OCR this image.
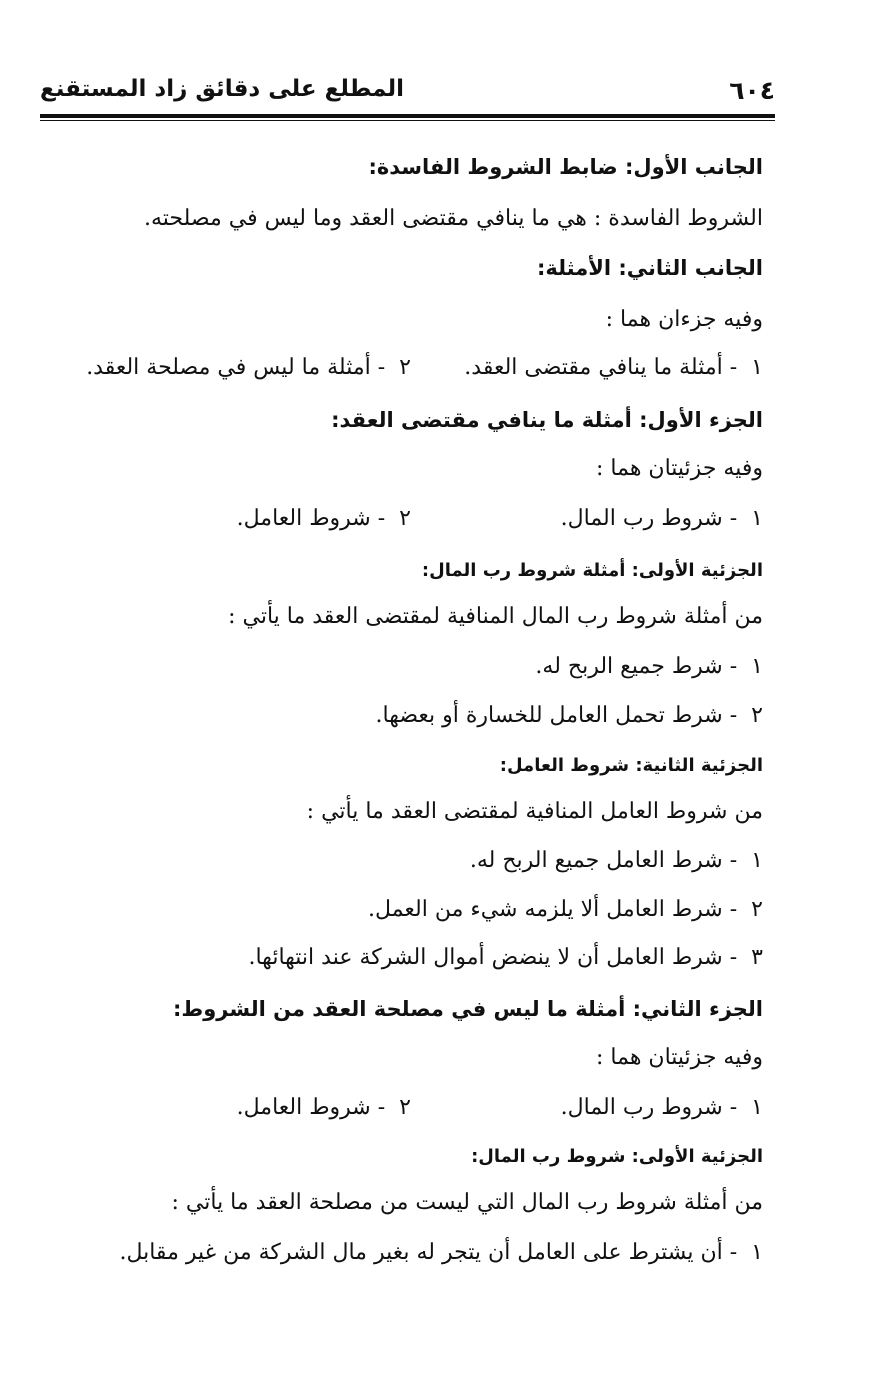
٦٠٤
المطلع على دقائق زاد المستقنع
الجانب الأول: ضابط الشروط الفاسدة:
الشروط الفاسدة : هي ما ينافي مقتضى العقد وما ليس في مصلحته.
الجانب الثاني: الأمثلة:
وفيه جزءان هما :
١- أمثلة ما ينافي مقتضى العقد. ٢- أمثلة ما ليس في مصلحة العقد.
الجزء الأول: أمثلة ما ينافي مقتضى العقد:
وفيه جزئيتان هما :
١- شروط رب المال. ٢- شروط العامل.
الجزئية الأولى: أمثلة شروط رب المال:
من أمثلة شروط رب المال المنافية لمقتضى العقد ما يأتي :
١- شرط جميع الربح له.
٢- شرط تحمل العامل للخسارة أو بعضها.
الجزئية الثانية: شروط العامل:
من شروط العامل المنافية لمقتضى العقد ما يأتي :
١- شرط العامل جميع الربح له.
٢- شرط العامل ألا يلزمه شيء من العمل.
٣- شرط العامل أن لا ينضض أموال الشركة عند انتهائها.
الجزء الثاني: أمثلة ما ليس في مصلحة العقد من الشروط:
وفيه جزئيتان هما :
١- شروط رب المال. ٢- شروط العامل.
الجزئية الأولى: شروط رب المال:
من أمثلة شروط رب المال التي ليست من مصلحة العقد ما يأتي :
١- أن يشترط على العامل أن يتجر له بغير مال الشركة من غير مقابل.
